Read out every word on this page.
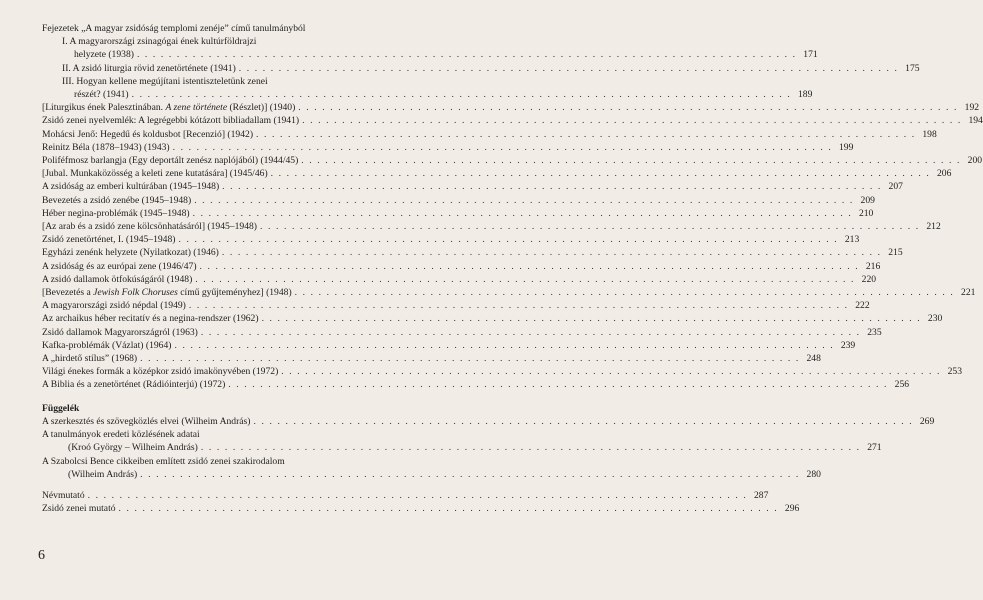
Fejezetek „A magyar zsidóság templomi zenéje” című tanulmányból
I. A magyarországi zsinagógai ének kultúrföldrajzi
helyzete (1938) . . .	171
II. A zsidó liturgia rövid zenetörténete (1941) . . .	175
III. Hogyan kellene megújítani istentiszteletünk zenei
részét? (1941) . . .	189
[Liturgikus ének Palesztinában. A zene története (Részlet)] (1940) . . .	192
Zsidó zenei nyelvemlék: A legrégebbi kótázott bibliadallam (1941) . . .	194
Mohácsi Jenő: Hegedű és koldusbot [Recenzió] (1942) . . .	198
Reinitz Béla (1878–1943) (1943) . . .	199
Poliféfmosz barlangja (Egy deportált zenész naplójából) (1944/45) . . .	200
[Jubal. Munkaközösség a keleti zene kutatására] (1945/46) . . .	206
A zsidóság az emberi kultúrában (1945–1948) . . .	207
Bevezetés a zsidó zenébe (1945–1948) . . .	209
Héber negina-problémák (1945–1948) . . .	210
[Az arab és a zsidó zene kölcsönhatásáról] (1945–1948) . . .	212
Zsidó zenetörténet, I. (1945–1948) . . .	213
Egyházi zenénk helyzete (Nyilatkozat) (1946) . . .	215
A zsidóság és az európai zene (1946/47) . . .	216
A zsidó dallamok ötfokúságáról (1948) . . .	220
[Bevezetés a Jewish Folk Choruses című gyűjteményhez] (1948) . . .	221
A magyarországi zsidó népdal (1949) . . .	222
Az archaikus héber recitatív és a negina-rendszer (1962) . . .	230
Zsidó dallamok Magyarországról (1963) . . .	235
Kafka-problémák (Vázlat) (1964) . . .	239
A „hirdető stílus” (1968) . . .	248
Világi énekes formák a középkor zsidó imakönyvében (1972) . . .	253
A Biblia és a zenetörténet (Rádióinterjú) (1972) . . .	256
Függelék
A szerkesztés és szövegközlés elvei (Wilheim András) . . .	269
A tanulmányok eredeti közlésének adatai
(Kroó György – Wilheim András) . . .	271
A Szabolcsi Bence cikkeiben említett zsidó zenei szakirodalom
(Wilheim András) . . .	280
Névmutató . . .	287
Zsidó zenei mutató . . .	296
6
